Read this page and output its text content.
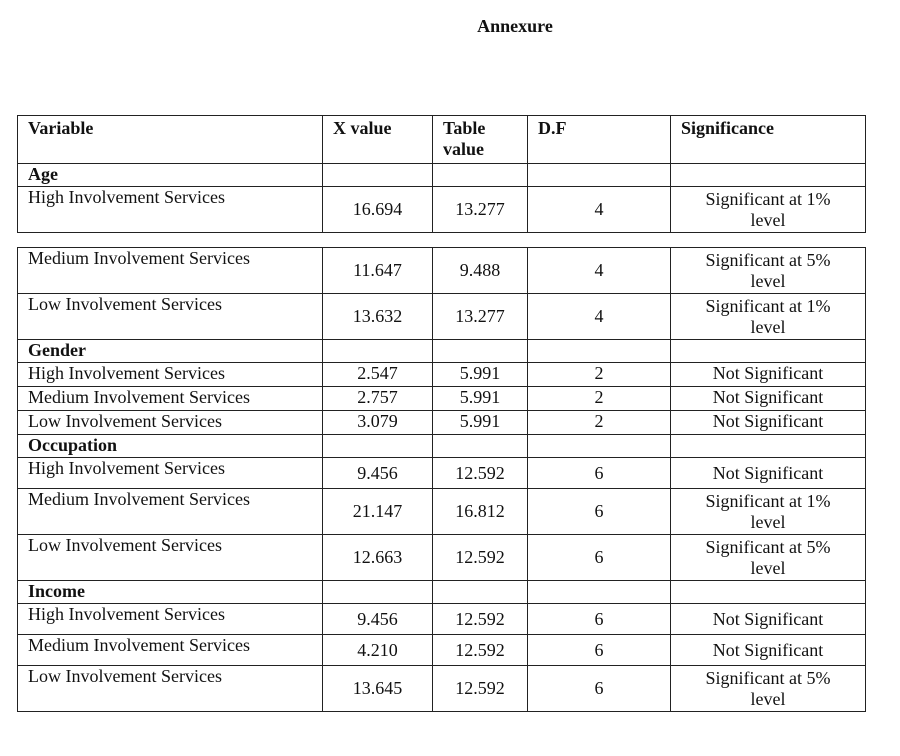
Annexure
Variable	X value	Table value	D.F	Significance
Age				
High Involvement Services	16.694	13.277	4	Significant at 1% level
Medium Involvement Services	11.647	9.488	4	Significant at 5% level
Low Involvement Services	13.632	13.277	4	Significant at 1% level
Gender				
High Involvement Services	2.547	5.991	2	Not Significant
Medium Involvement Services	2.757	5.991	2	Not Significant
Low Involvement Services	3.079	5.991	2	Not Significant
Occupation				
High Involvement Services	9.456	12.592	6	Not Significant
Medium Involvement Services	21.147	16.812	6	Significant at 1% level
Low Involvement Services	12.663	12.592	6	Significant at 5% level
Income				
High Involvement Services	9.456	12.592	6	Not Significant
Medium Involvement Services	4.210	12.592	6	Not Significant
Low Involvement Services	13.645	12.592	6	Significant at 5% level
